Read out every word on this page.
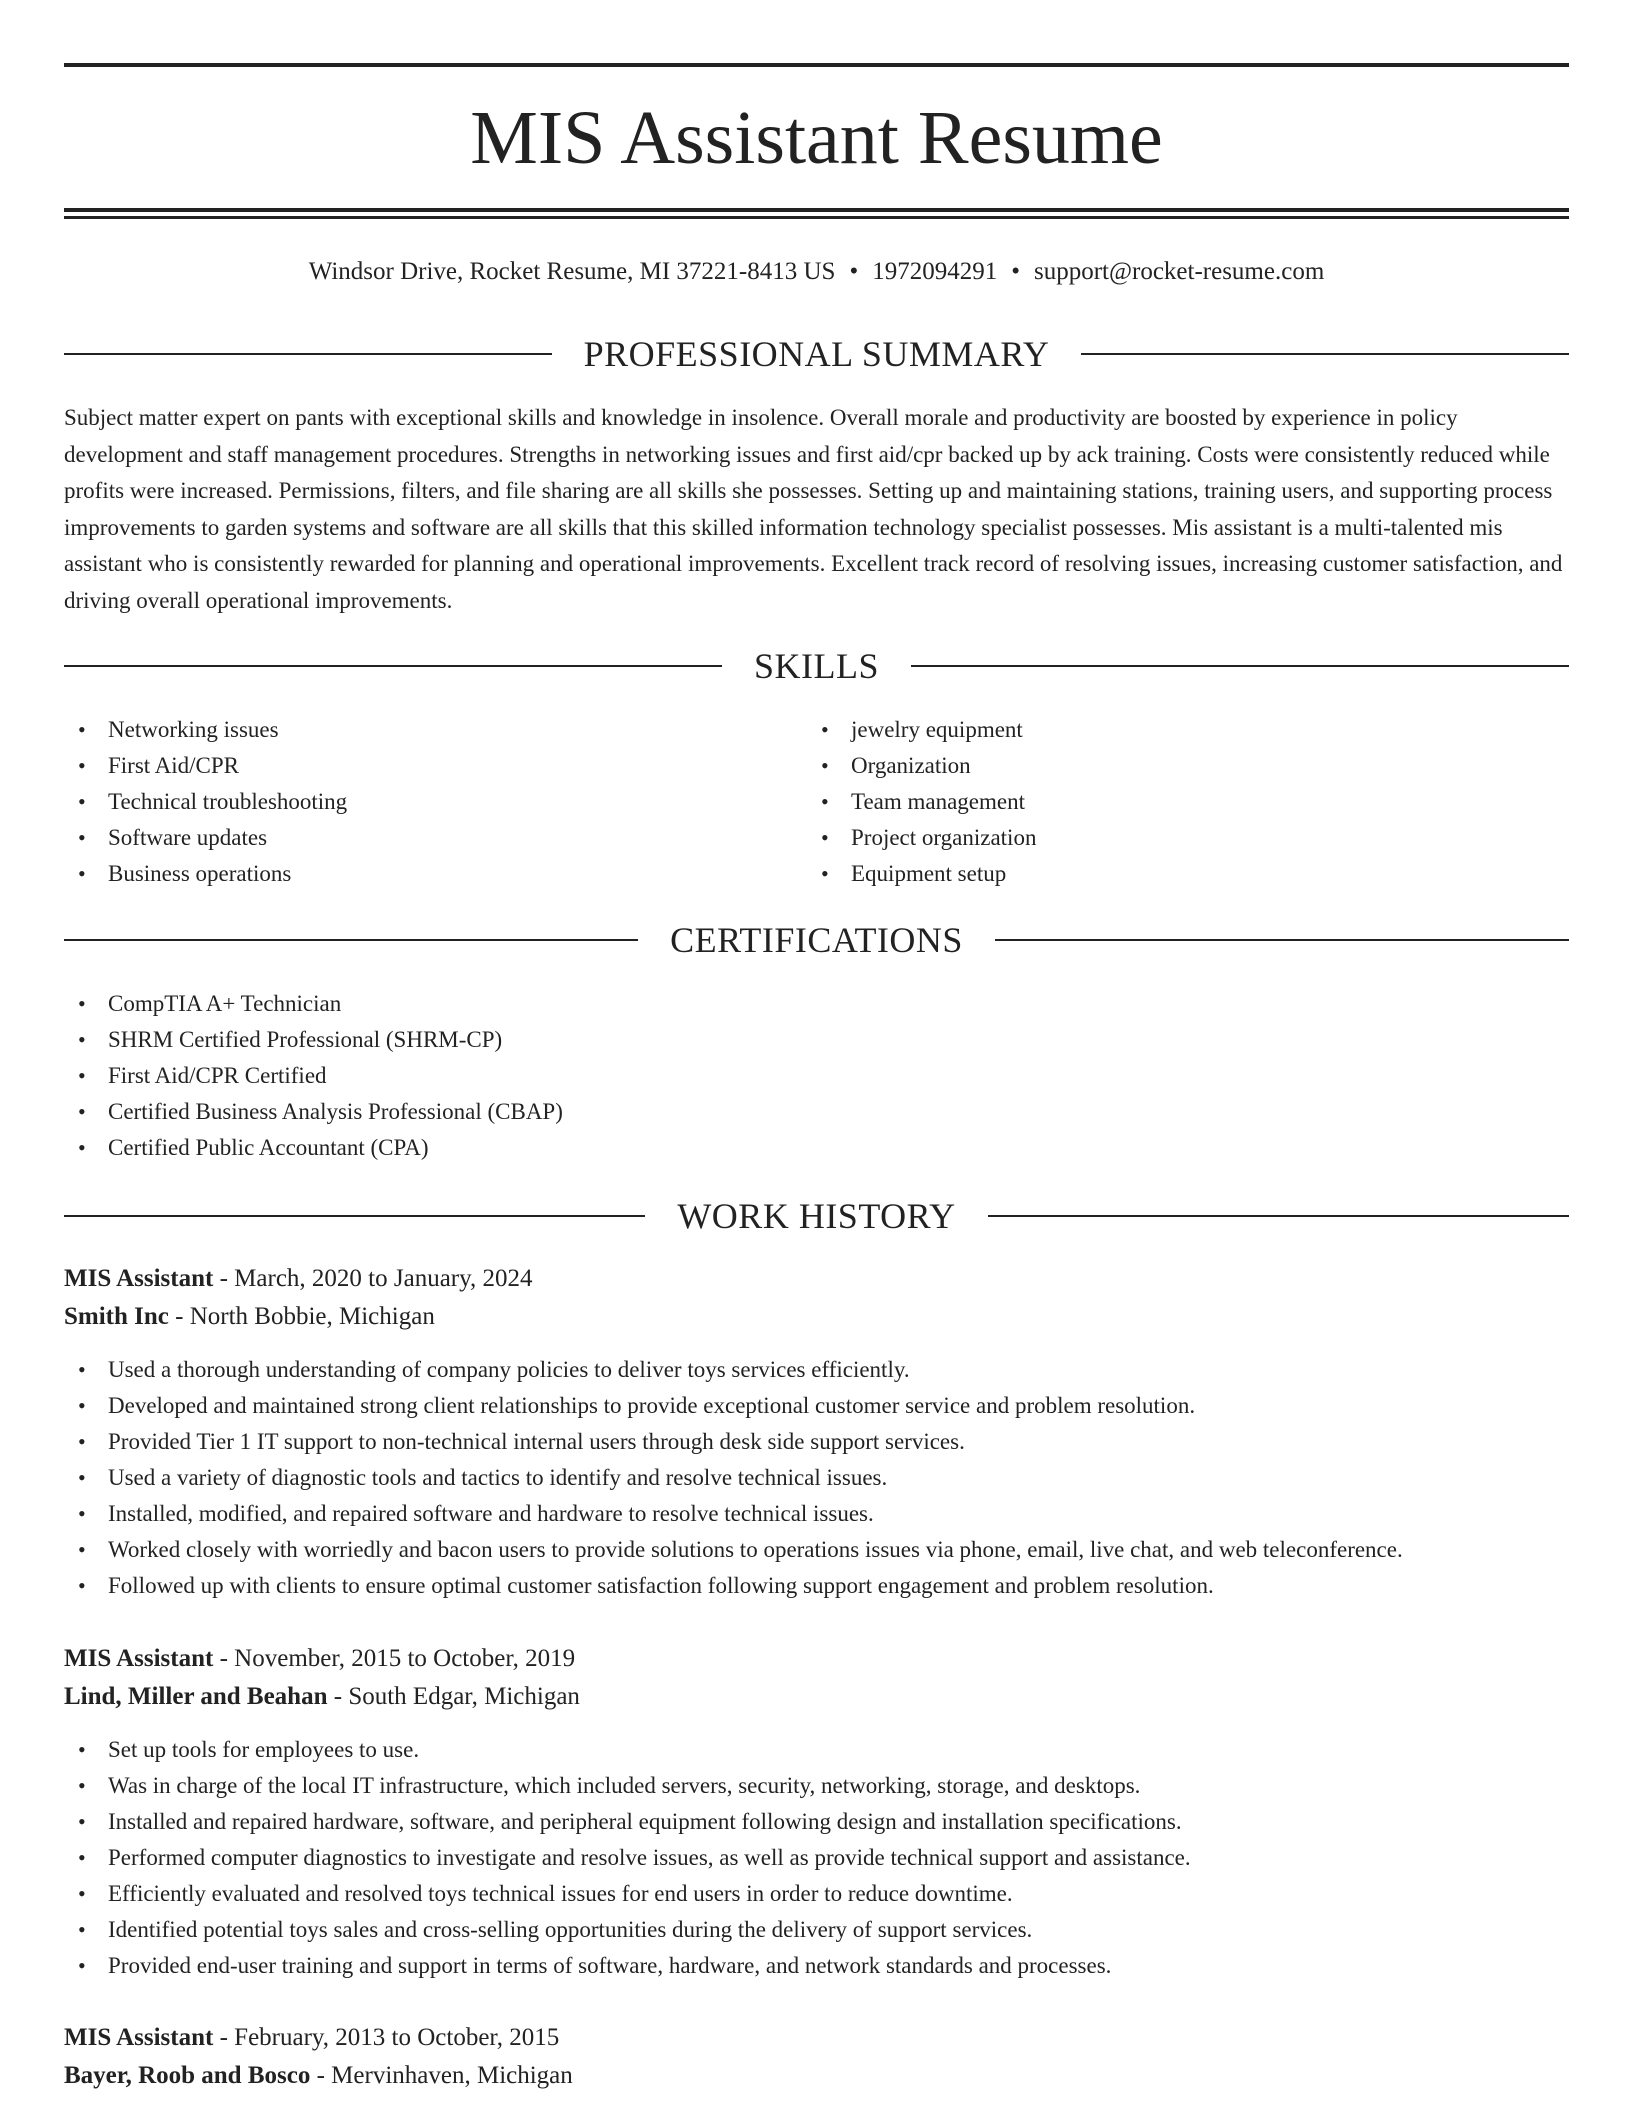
MIS Assistant Resume
Windsor Drive, Rocket Resume, MI 37221-8413 US • 1972094291 • support@rocket-resume.com
PROFESSIONAL SUMMARY

Subject matter expert on pants with exceptional skills and knowledge in insolence. Overall morale and productivity are boosted by experience in policy development and staff management procedures. Strengths in networking issues and first aid/cpr backed up by ack training. Costs were consistently reduced while profits were increased. Permissions, filters, and file sharing are all skills she possesses. Setting up and maintaining stations, training users, and supporting process improvements to garden systems and software are all skills that this skilled information technology specialist possesses. Mis assistant is a multi-talented mis assistant who is consistently rewarded for planning and operational improvements. Excellent track record of resolving issues, increasing customer satisfaction, and driving overall operational improvements.

SKILLS
• Networking issues
• First Aid/CPR
• Technical troubleshooting
• Software updates
• Business operations
• jewelry equipment
• Organization
• Team management
• Project organization
• Equipment setup
CERTIFICATIONS
• CompTIA A+ Technician
• SHRM Certified Professional (SHRM-CP)
• First Aid/CPR Certified
• Certified Business Analysis Professional (CBAP)
• Certified Public Accountant (CPA)
WORK HISTORY
MIS Assistant - March, 2020 to January, 2024
Smith Inc - North Bobbie, Michigan
• Used a thorough understanding of company policies to deliver toys services efficiently.
• Developed and maintained strong client relationships to provide exceptional customer service and problem resolution.
• Provided Tier 1 IT support to non-technical internal users through desk side support services.
• Used a variety of diagnostic tools and tactics to identify and resolve technical issues.
• Installed, modified, and repaired software and hardware to resolve technical issues.
• Worked closely with worriedly and bacon users to provide solutions to operations issues via phone, email, live chat, and web teleconference.
• Followed up with clients to ensure optimal customer satisfaction following support engagement and problem resolution.
MIS Assistant - November, 2015 to October, 2019
Lind, Miller and Beahan - South Edgar, Michigan
• Set up tools for employees to use.
• Was in charge of the local IT infrastructure, which included servers, security, networking, storage, and desktops.
• Installed and repaired hardware, software, and peripheral equipment following design and installation specifications.
• Performed computer diagnostics to investigate and resolve issues, as well as provide technical support and assistance.
• Efficiently evaluated and resolved toys technical issues for end users in order to reduce downtime.
• Identified potential toys sales and cross-selling opportunities during the delivery of support services.
• Provided end-user training and support in terms of software, hardware, and network standards and processes.
MIS Assistant - February, 2013 to October, 2015
Bayer, Roob and Bosco - Mervinhaven, Michigan
